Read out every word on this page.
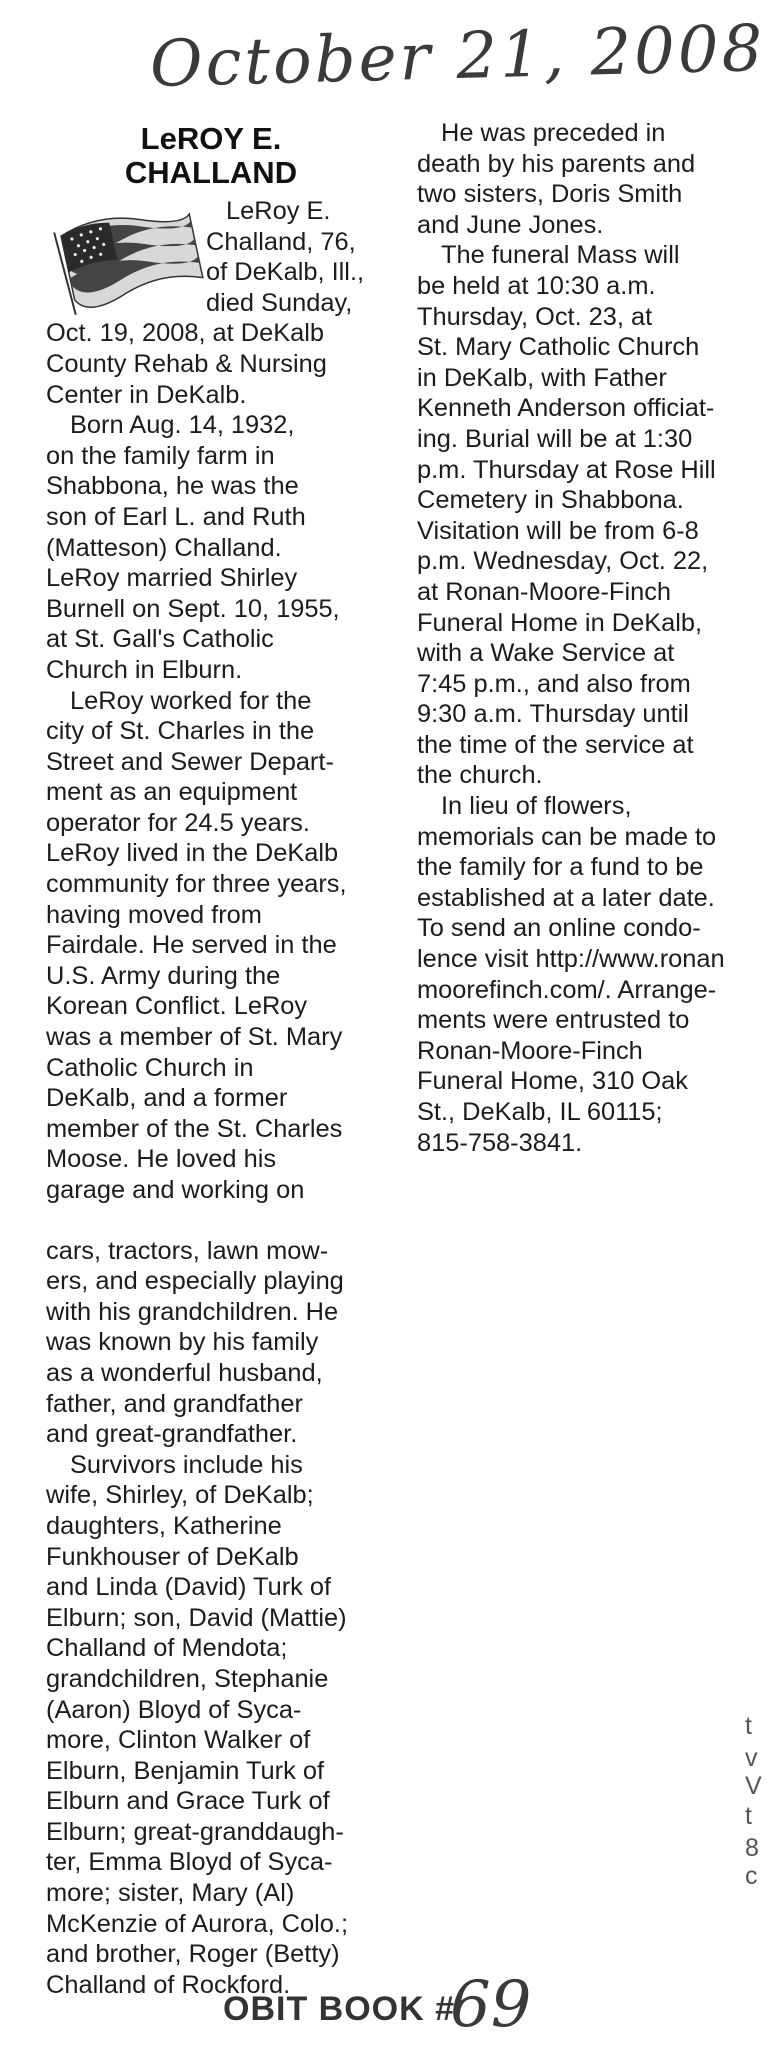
October 21, 2008
LeROY E.
CHALLAND
LeRoy E.
Challand, 76,
of DeKalb, Ill.,
died Sunday,
Oct. 19, 2008, at DeKalb
County Rehab & Nursing
Center in DeKalb.
Born Aug. 14, 1932,
on the family farm in
Shabbona, he was the
son of Earl L. and Ruth
(Matteson) Challand.
LeRoy married Shirley
Burnell on Sept. 10, 1955,
at St. Gall's Catholic
Church in Elburn.
LeRoy worked for the
city of St. Charles in the
Street and Sewer Depart-
ment as an equipment
operator for 24.5 years.
LeRoy lived in the DeKalb
community for three years,
having moved from
Fairdale. He served in the
U.S. Army during the
Korean Conflict. LeRoy
was a member of St. Mary
Catholic Church in
DeKalb, and a former
member of the St. Charles
Moose. He loved his
garage and working on
cars, tractors, lawn mow-
ers, and especially playing
with his grandchildren. He
was known by his family
as a wonderful husband,
father, and grandfather
and great-grandfather.
Survivors include his
wife, Shirley, of DeKalb;
daughters, Katherine
Funkhouser of DeKalb
and Linda (David) Turk of
Elburn; son, David (Mattie)
Challand of Mendota;
grandchildren, Stephanie
(Aaron) Bloyd of Syca-
more, Clinton Walker of
Elburn, Benjamin Turk of
Elburn and Grace Turk of
Elburn; great-granddaugh-
ter, Emma Bloyd of Syca-
more; sister, Mary (Al)
McKenzie of Aurora, Colo.;
and brother, Roger (Betty)
Challand of Rockford.
He was preceded in
death by his parents and
two sisters, Doris Smith
and June Jones.
The funeral Mass will
be held at 10:30 a.m.
Thursday, Oct. 23, at
St. Mary Catholic Church
in DeKalb, with Father
Kenneth Anderson officiat-
ing. Burial will be at 1:30
p.m. Thursday at Rose Hill
Cemetery in Shabbona.
Visitation will be from 6-8
p.m. Wednesday, Oct. 22,
at Ronan-Moore-Finch
Funeral Home in DeKalb,
with a Wake Service at
7:45 p.m., and also from
9:30 a.m. Thursday until
the time of the service at
the church.
In lieu of flowers,
memorials can be made to
the family for a fund to be
established at a later date.
To send an online condo-
lence visit http://www.ronan
moorefinch.com/. Arrange-
ments were entrusted to
Ronan-Moore-Finch
Funeral Home, 310 Oak
St., DeKalb, IL 60115;
815-758-3841.
t
v
V
t
8
c
OBIT BOOK #
69
